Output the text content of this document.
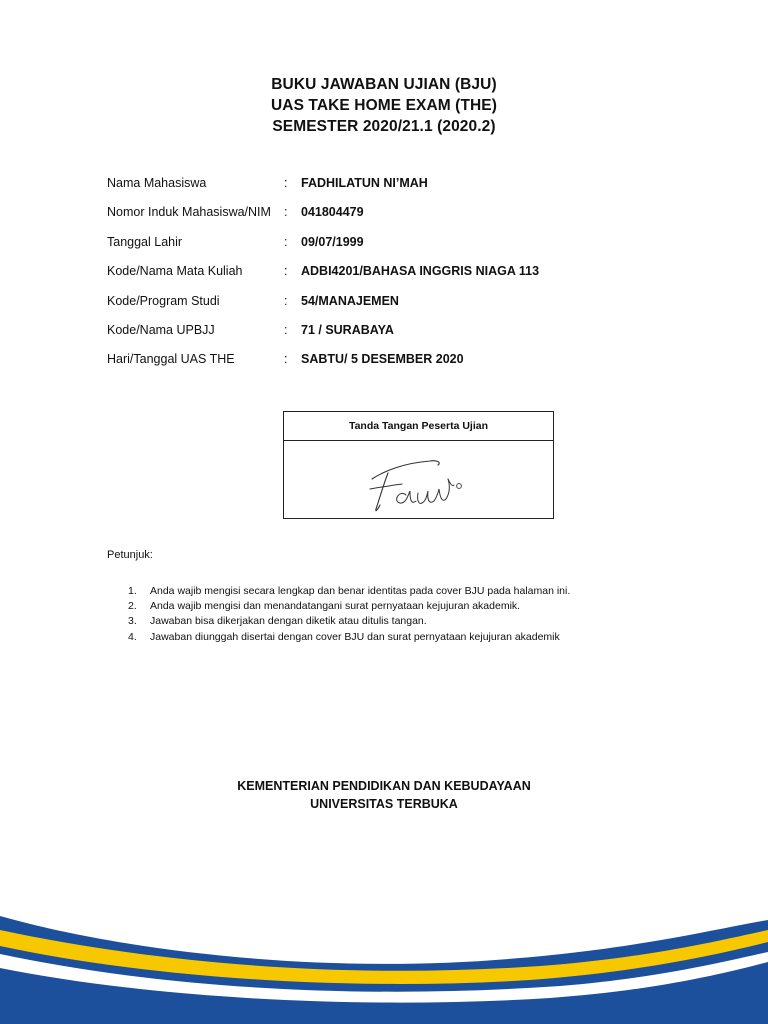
BUKU JAWABAN UJIAN (BJU)
UAS TAKE HOME EXAM (THE)
SEMESTER 2020/21.1 (2020.2)
Nama Mahasiswa	: FADHILATUN NI’MAH
Nomor Induk Mahasiswa/NIM : 041804479
Tanggal Lahir	: 09/07/1999
Kode/Nama Mata Kuliah	: ADBI4201/BAHASA INGGRIS NIAGA 113
Kode/Program Studi	: 54/MANAJEMEN
Kode/Nama UPBJJ	: 71 / SURABAYA
Hari/Tanggal UAS THE	: SABTU/ 5 DESEMBER 2020
Tanda Tangan Peserta Ujian
Petunjuk:
1. Anda wajib mengisi secara lengkap dan benar identitas pada cover BJU pada halaman ini.
2. Anda wajib mengisi dan menandatangani surat pernyataan kejujuran akademik.
3. Jawaban bisa dikerjakan dengan diketik atau ditulis tangan.
4. Jawaban diunggah disertai dengan cover BJU dan surat pernyataan kejujuran akademik
KEMENTERIAN PENDIDIKAN DAN KEBUDAYAAN
UNIVERSITAS TERBUKA
